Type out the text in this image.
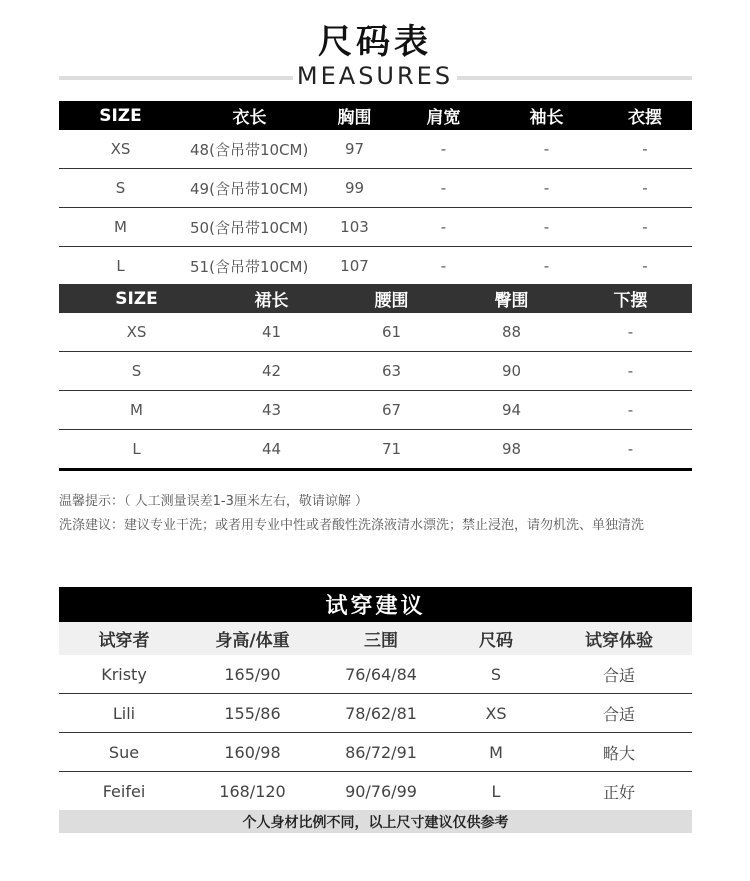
尺码表
MEASURES
SIZE	衣长	胸围	肩宽	袖长	衣摆
XS	48(含吊带10CM)	97	-	-	-
S	49(含吊带10CM)	99	-	-	-
M	50(含吊带10CM)	103	-	-	-
L	51(含吊带10CM)	107	-	-	-
SIZE	裙长	腰围	臀围	下摆
XS	41	61	88	-
S	42	63	90	-
M	43	67	94	-
L	44	71	98	-
温馨提示：（ 人工测量误差1-3厘米左右，敬请谅解 ）
洗涤建议：建议专业干洗；或者用专业中性或者酸性洗涤液清水漂洗；禁止浸泡，请勿机洗、单独清洗
试穿建议				
试穿者	身高/体重	三围	尺码	试穿体验
Kristy	165/90	76/64/84	S	合适
Lili	155/86	78/62/81	XS	合适
Sue	160/98	86/72/91	M	略大
Feifei	168/120	90/76/99	L	正好
个人身材比例不同，以上尺寸建议仅供参考				
